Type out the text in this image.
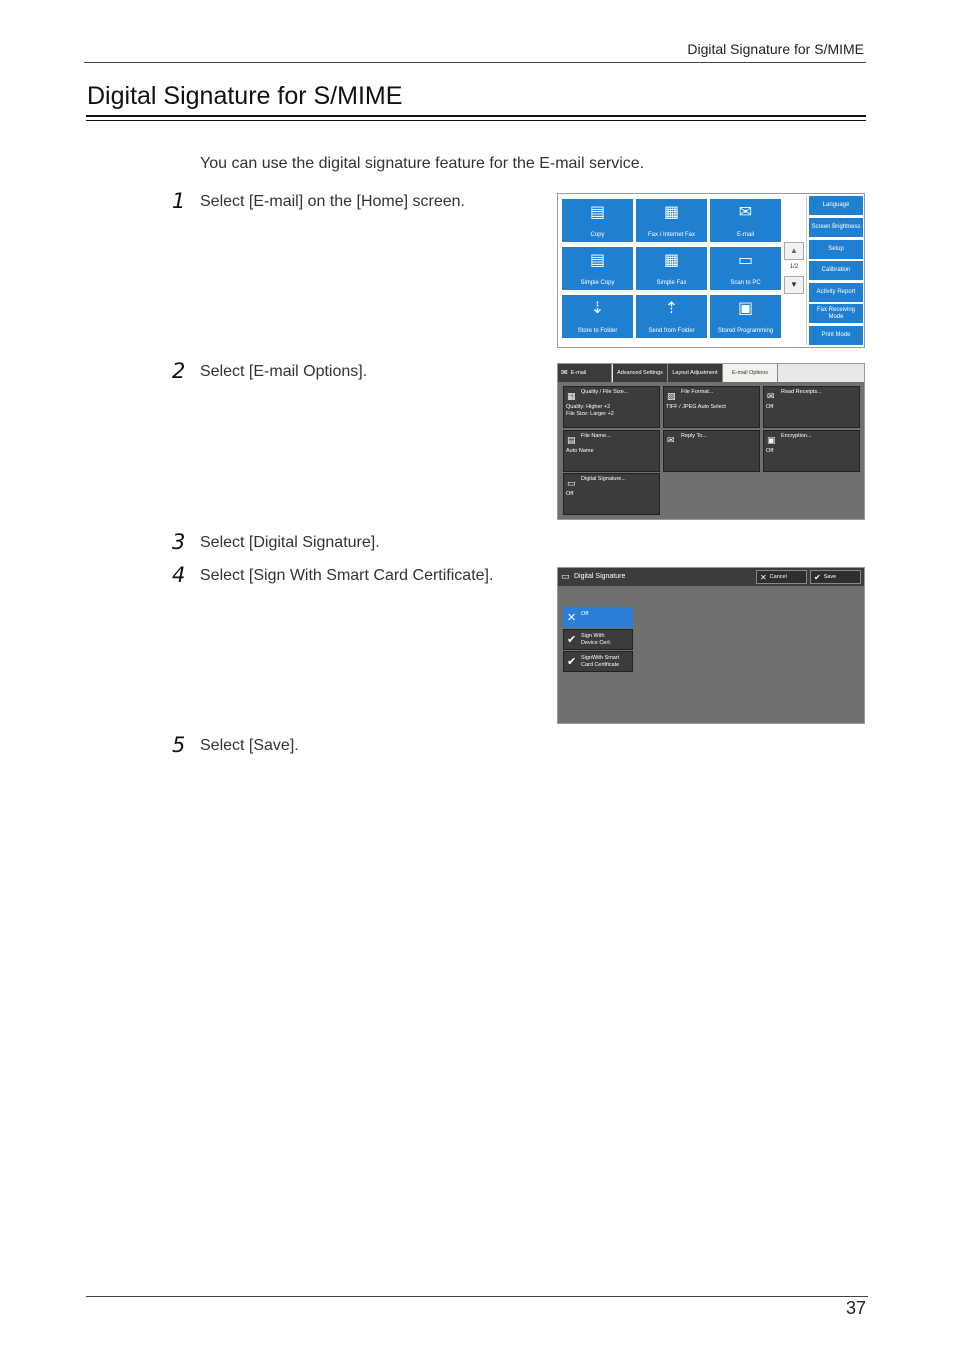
Digital Signature for S/MIME
Digital Signature for S/MIME
You can use the digital signature feature for the E-mail service.
1 Select [E-mail] on the [Home] screen.
2 Select [E-mail Options].
3 Select [Digital Signature].
4 Select [Sign With Smart Card Certificate].
5 Select [Save].
▤
Copy
▦
Fax / Internet Fax
✉
E-mail
▤
Simple Copy
▦
Simple Fax
▭
Scan to PC
⇣
Store to Folder
⇡
Send from Folder
▣
Stored Programming
▲
1/2
▼
Language
Screen Brightness
Setup
Calibration
Activity Report
Fax Receiving Mode
Print Mode
✉ E-mail	Advanced Settings	Layout Adjustment	E-mail Options
▦ Quality / File Size...
Quality: Higher +2
File Size: Larger +2
▧ File Format...
TIFF / JPEG Auto Select
✉ Read Receipts...
Off
▤ File Name...
Auto Name
✉ Reply To...	▣ Encryption...
Off
▭ Digital Signature...
Off
▭ Digital Signature	✕ Cancel	✔ Save
✕ Off
✔ Sign With
Device Cert.
✔ SignWith Smart
Card Certificate
37
